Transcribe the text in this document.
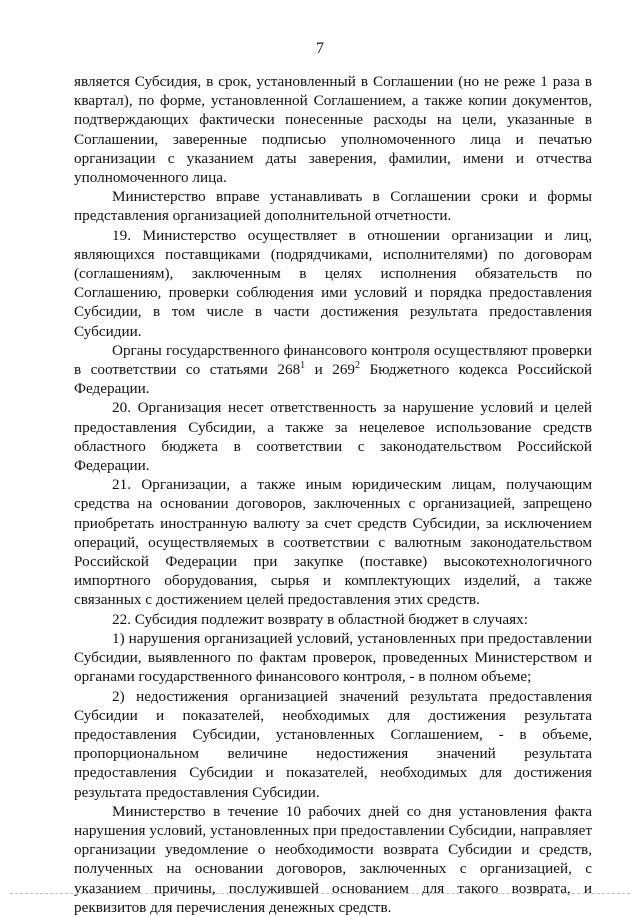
7

является Субсидия, в срок, установленный в Соглашении (но не реже 1 раза в квартал), по форме, установленной Соглашением, а также копии документов, подтверждающих фактически понесенные расходы на цели, указанные в Соглашении, заверенные подписью уполномоченного лица и печатью организации с указанием даты заверения, фамилии, имени и отчества уполномоченного лица.

Министерство вправе устанавливать в Соглашении сроки и формы представления организацией дополнительной отчетности.

19. Министерство осуществляет в отношении организации и лиц, являющихся поставщиками (подрядчиками, исполнителями) по договорам (соглашениям), заключенным в целях исполнения обязательств по Соглашению, проверки соблюдения ими условий и порядка предоставления Субсидии, в том числе в части достижения результата предоставления Субсидии.

Органы государственного финансового контроля осуществляют проверки в соответствии со статьями $268^1$ и $269^2$ Бюджетного кодекса Российской Федерации.

20. Организация несет ответственность за нарушение условий и целей предоставления Субсидии, а также за нецелевое использование средств областного бюджета в соответствии с законодательством Российской Федерации.

21. Организации, а также иным юридическим лицам, получающим средства на основании договоров, заключенных с организацией, запрещено приобретать иностранную валюту за счет средств Субсидии, за исключением операций, осуществляемых в соответствии с валютным законодательством Российской Федерации при закупке (поставке) высокотехнологичного импортного оборудования, сырья и комплектующих изделий, а также связанных с достижением целей предоставления этих средств.

22. Субсидия подлежит возврату в областной бюджет в случаях:

1) нарушения организацией условий, установленных при предоставлении Субсидии, выявленного по фактам проверок, проведенных Министерством и органами государственного финансового контроля, - в полном объеме;

2) недостижения организацией значений результата предоставления Субсидии и показателей, необходимых для достижения результата предоставления Субсидии, установленных Соглашением, - в объеме, пропорциональном величине недостижения значений результата предоставления Субсидии и показателей, необходимых для достижения результата предоставления Субсидии.

Министерство в течение 10 рабочих дней со дня установления факта нарушения условий, установленных при предоставлении Субсидии, направляет организации уведомление о необходимости возврата Субсидии и средств, полученных на основании договоров, заключенных с организацией, с указанием причины, послужившей основанием для такого возврата, и реквизитов для перечисления денежных средств.
